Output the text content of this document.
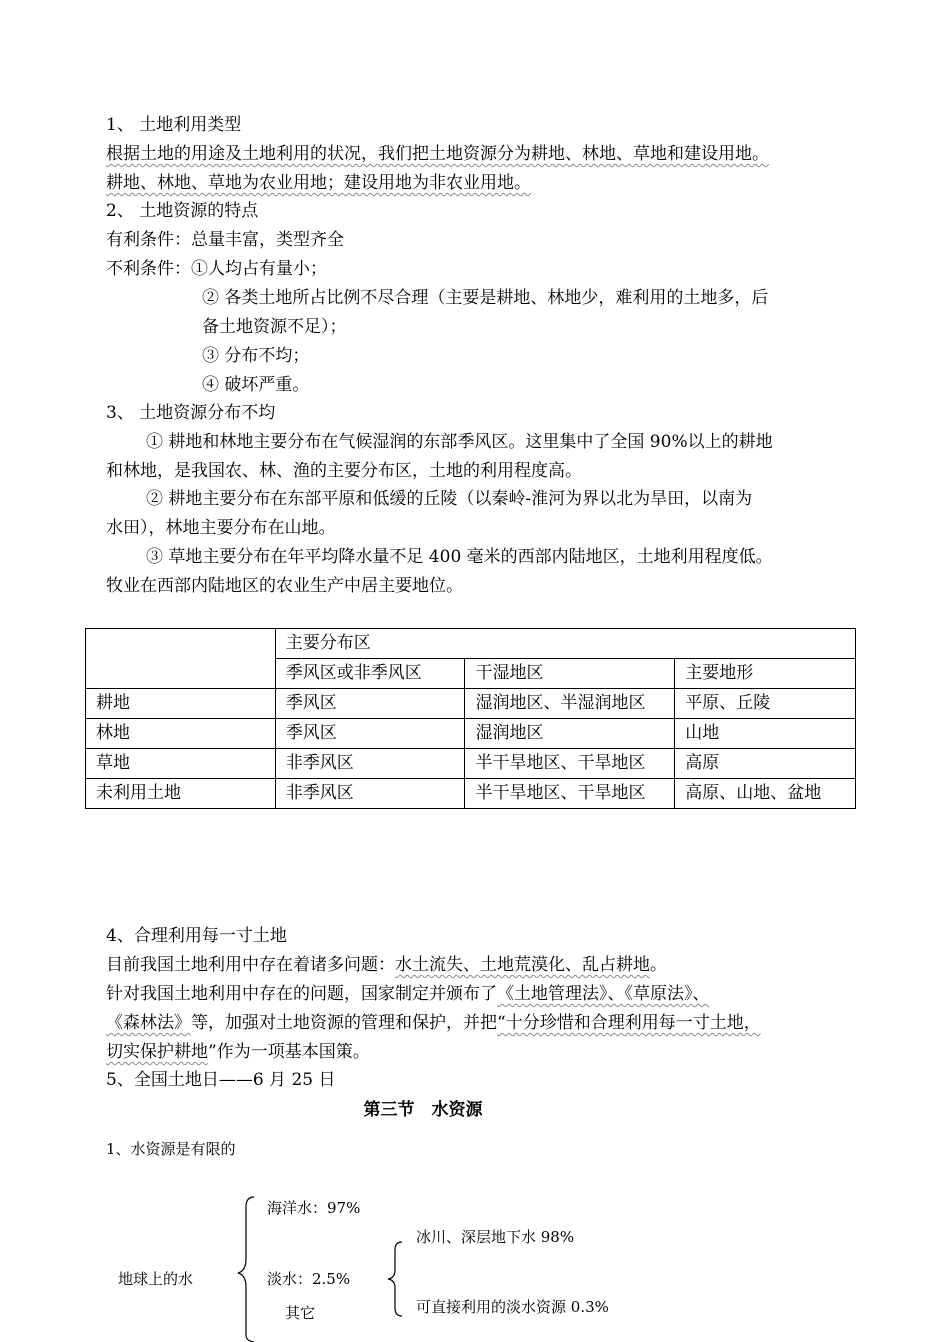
1、 土地利用类型
根据土地的用途及土地利用的状况，我们把土地资源分为耕地、林地、草地和建设用地。
耕地、林地、草地为农业用地；建设用地为非农业用地。
2、 土地资源的特点
有利条件：总量丰富，类型齐全
不利条件：①人均占有量小；
② 各类土地所占比例不尽合理（主要是耕地、林地少，难利用的土地多，后
备土地资源不足）；
③ 分布不均；
④ 破坏严重。
3、 土地资源分布不均
① 耕地和林地主要分布在气候湿润的东部季风区。这里集中了全国 90%以上的耕地
和林地，是我国农、林、渔的主要分布区，土地的利用程度高。
② 耕地主要分布在东部平原和低缓的丘陵（以秦岭-淮河为界以北为旱田，以南为
水田），林地主要分布在山地。
③ 草地主要分布在年平均降水量不足 400 毫米的西部内陆地区，土地利用程度低。
牧业在西部内陆地区的农业生产中居主要地位。
	主要分布区		
	季风区或非季风区	干湿地区	主要地形
耕地	季风区	湿润地区、半湿润地区	平原、丘陵
林地	季风区	湿润地区	山地
草地	非季风区	半干旱地区、干旱地区	高原
未利用土地	非季风区	半干旱地区、干旱地区	高原、山地、盆地
4、合理利用每一寸土地
目前我国土地利用中存在着诸多问题：水土流失、土地荒漠化、乱占耕地。
针对我国土地利用中存在的问题，国家制定并颁布了《土地管理法》、《草原法》、
《森林法》等，加强对土地资源的管理和保护，并把“十分珍惜和合理利用每一寸土地，
切实保护耕地”作为一项基本国策。
5、全国土地日——6 月 25 日
第三节　水资源
1、水资源是有限的
海洋水：97%
地球上的水	淡水：2.5%
其它
冰川、深层地下水 98%
可直接利用的淡水资源 0.3%
